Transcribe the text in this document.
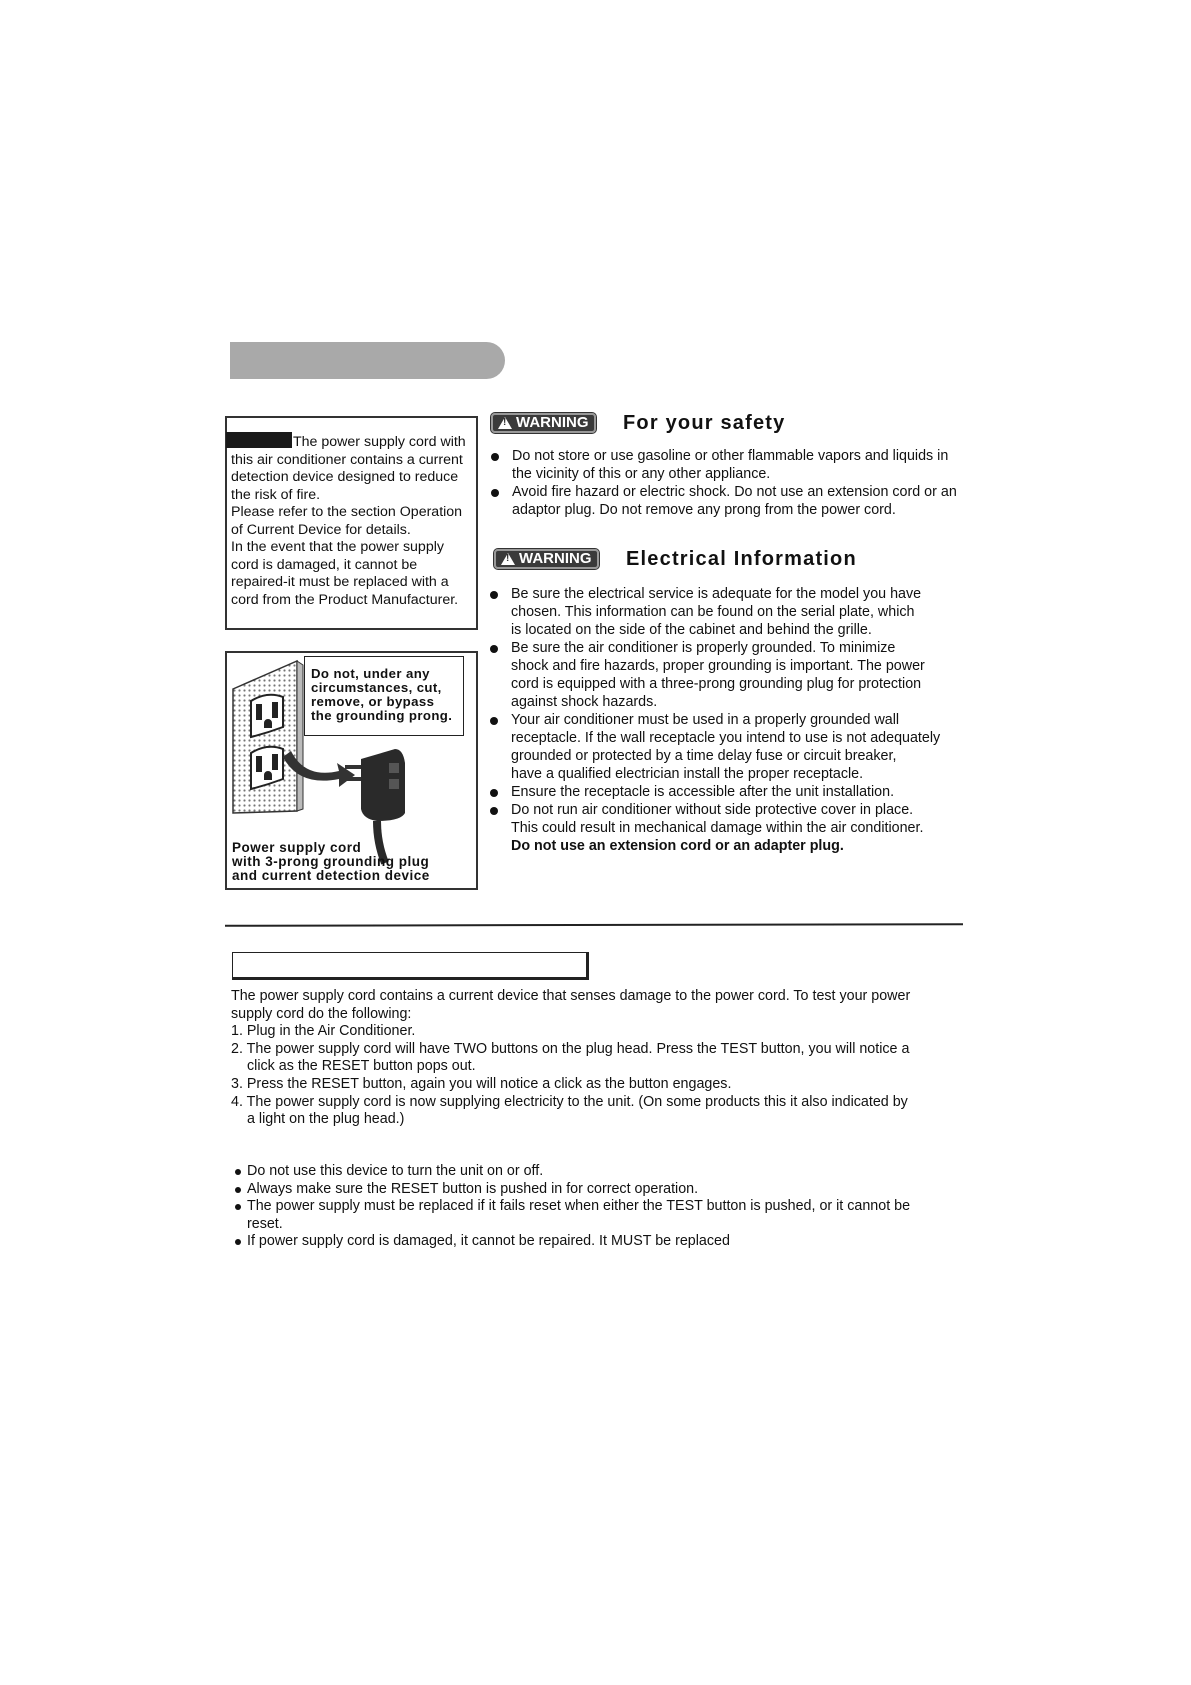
The power supply cord with

this air conditioner contains a current

detection device designed to reduce

the risk of fire.

Please refer to the section Operation

of Current Device for details.

In the event that the power supply

cord is damaged, it cannot be

repaired-it must be replaced with a

cord from the Product Manufacturer.

Do not, under any
circumstances, cut,
remove, or bypass
the grounding prong.
Power supply cord
with 3-prong grounding plug
and current detection device
!
WARNING For your safety
Do not store or use gasoline or other flammable vapors and liquids in
the vicinity of this or any other appliance.
Avoid fire hazard or electric shock. Do not use an extension cord or an
adaptor plug. Do not remove any prong from the power cord.
!
WARNING Electrical Information
Be sure the electrical service is adequate for the model you have
chosen. This information can be found on the serial plate, which
is located on the side of the cabinet and behind the grille.
Be sure the air conditioner is properly grounded. To minimize
shock and fire hazards, proper grounding is important. The power
cord is equipped with a three-prong grounding plug for protection
against shock hazards.
Your air conditioner must be used in a properly grounded wall
receptacle. If the wall receptacle you intend to use is not adequately
grounded or protected by a time delay fuse or circuit breaker,
have a qualified electrician install the proper receptacle.
Ensure the receptacle is accessible after the unit installation.
Do not run air conditioner without side protective cover in place.
This could result in mechanical damage within the air conditioner.
Do not use an extension cord or an adapter plug.

The power supply cord contains a current device that senses damage to the power cord. To test your power

supply cord do the following:

1. Plug in the Air Conditioner.
2. The power supply cord will have TWO buttons on the plug head. Press the TEST button, you will notice a
click as the RESET button pops out.
3. Press the RESET button, again you will notice a click as the button engages.
4. The power supply cord is now supplying electricity to the unit. (On some products this it also indicated by
a light on the plug head.)
Do not use this device to turn the unit on or off.
Always make sure the RESET button is pushed in for correct operation.
The power supply must be replaced if it fails reset when either the TEST button is pushed, or it cannot be
reset.
If power supply cord is damaged, it cannot be repaired. It MUST be replaced
